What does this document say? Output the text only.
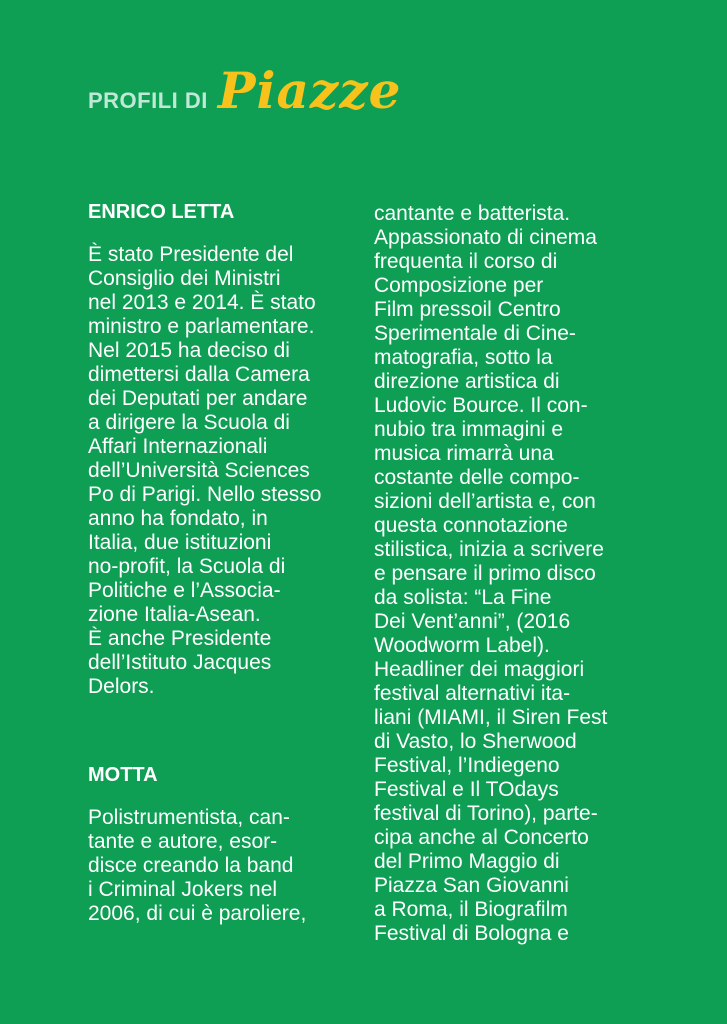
PROFILI DI Piazze
ENRICO LETTA

È stato Presidente del
Consiglio dei Ministri
nel 2013 e 2014. È stato
ministro e parlamentare.
Nel 2015 ha deciso di
dimettersi dalla Camera
dei Deputati per andare
a dirigere la Scuola di
Affari Internazionali
dell’Università Sciences
Po di Parigi. Nello stesso
anno ha fondato, in
Italia, due istituzioni
no-profit, la Scuola di
Politiche e l’Associa-
zione Italia-Asean.
È anche Presidente
dell’Istituto Jacques
Delors.

MOTTA

Polistrumentista, can-
tante e autore, esor-
disce creando la band
i Criminal Jokers nel
2006, di cui è paroliere,

cantante e batterista.
Appassionato di cinema
frequenta il corso di
Composizione per
Film pressoil Centro
Sperimentale di Cine-
matografia, sotto la
direzione artistica di
Ludovic Bource. Il con-
nubio tra immagini e
musica rimarrà una
costante delle compo-
sizioni dell’artista e, con
questa connotazione
stilistica, inizia a scrivere
e pensare il primo disco
da solista: “La Fine
Dei Vent’anni”, (2016
Woodworm Label).
Headliner dei maggiori
festival alternativi ita-
liani (MIAMI, il Siren Fest
di Vasto, lo Sherwood
Festival, l’Indiegeno
Festival e Il TOdays
festival di Torino), parte-
cipa anche al Concerto
del Primo Maggio di
Piazza San Giovanni
a Roma, il Biografilm
Festival di Bologna e
